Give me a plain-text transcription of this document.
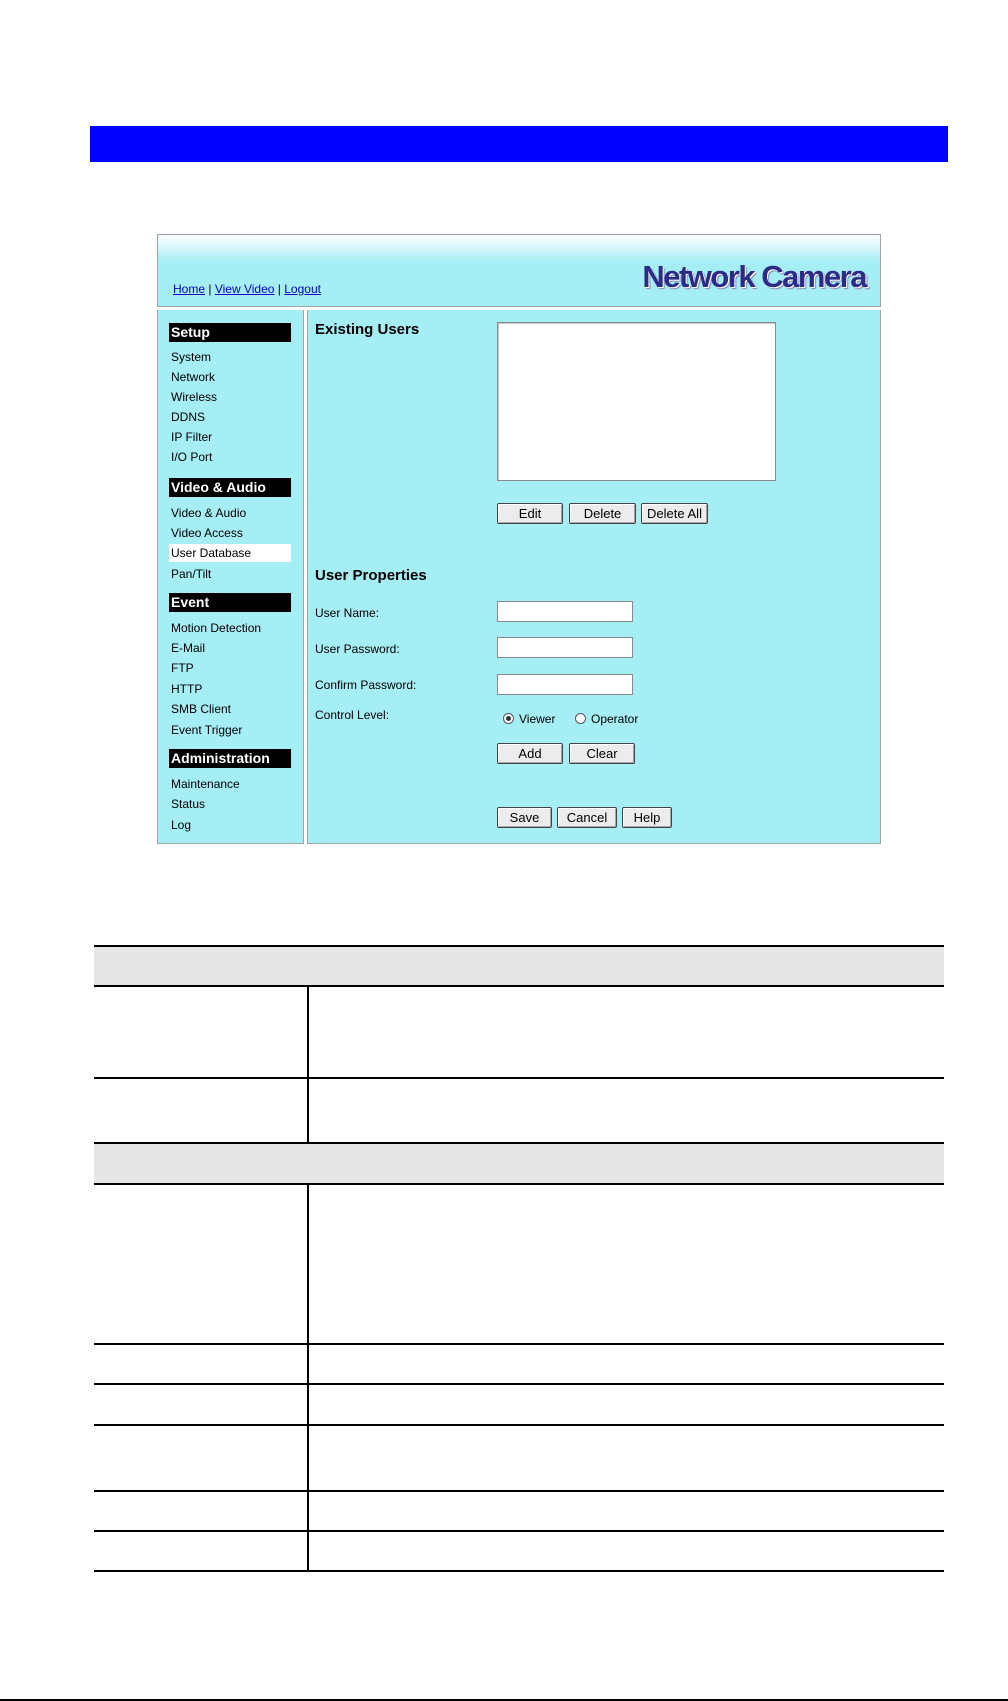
Home | View Video | Logout	Network Camera
Setup
System
Network
Wireless
DDNS
IP Filter
I/O Port
Video & Audio
Video & Audio
Video Access
User Database
Pan/Tilt
Event
Motion Detection
E-Mail
FTP
HTTP
SMB Client
Event Trigger
Administration
Maintenance
Status
Log
Existing Users
Edit	Delete	Delete All
User Properties
User Name:
User Password:
Confirm Password:
Control Level:	Viewer	Operator
Add	Clear
Save	Cancel	Help
